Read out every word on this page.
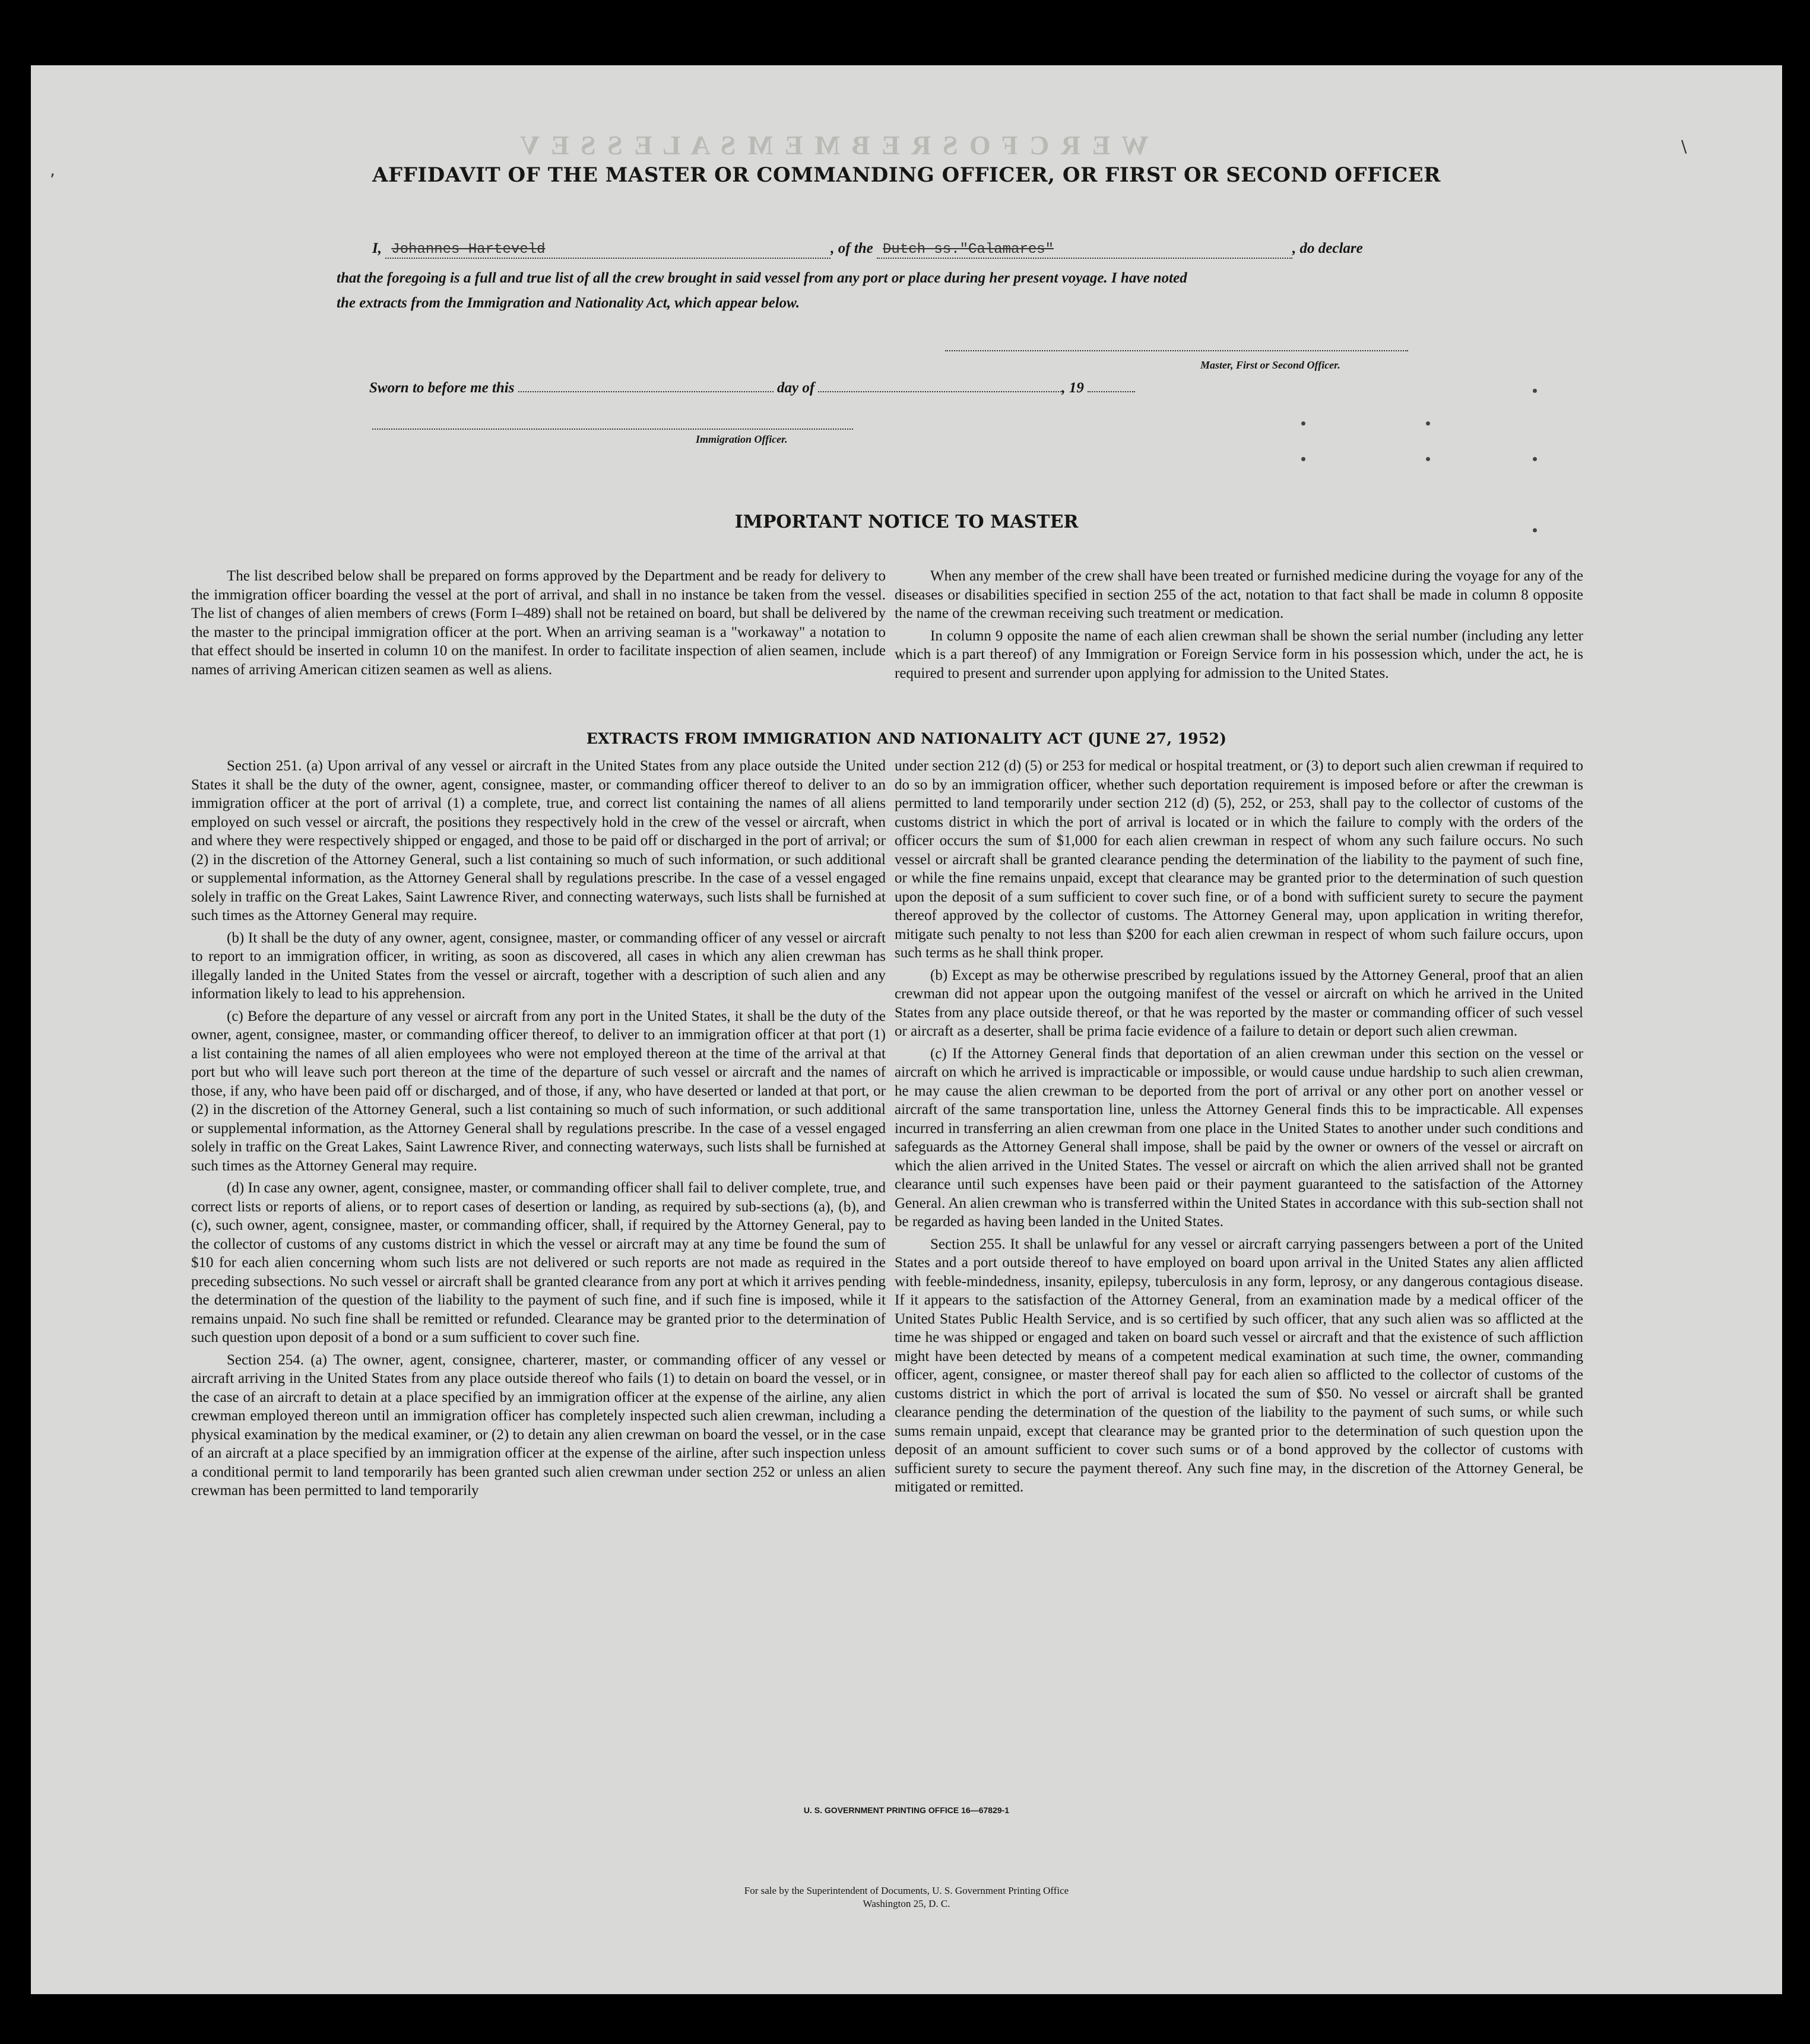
W E R C F O S R E B M E M S A L E S S E V
AFFIDAVIT OF THE MASTER OR COMMANDING OFFICER, OR FIRST OR SECOND OFFICER
I, Johannes Harteveld	, of the Dutch ss."Calamares"	, do declare
that the foregoing is a full and true list of all the crew brought in said vessel from any port or place during her present voyage. I have noted
the extracts from the Immigration and Nationality Act, which appear below.
Master, First or Second Officer.
Sworn to before me this	day of	, 19
Immigration Officer.
\
,
IMPORTANT NOTICE TO MASTER

The list described below shall be prepared on forms approved by the Department and be ready for delivery to the immigration officer boarding the vessel at the port of arrival, and shall in no instance be taken from the vessel. The list of changes of alien members of crews (Form I–489) shall not be retained on board, but shall be delivered by the master to the principal immigration officer at the port. When an arriving seaman is a "workaway" a notation to that effect should be inserted in column 10 on the manifest. In order to facilitate inspection of alien seamen, include names of arriving American citizen seamen as well as aliens.

When any member of the crew shall have been treated or furnished medicine during the voyage for any of the diseases or disabilities specified in section 255 of the act, notation to that fact shall be made in column 8 opposite the name of the crewman receiving such treatment or medication.

In column 9 opposite the name of each alien crewman shall be shown the serial number (including any letter which is a part thereof) of any Immigration or Foreign Service form in his possession which, under the act, he is required to present and surrender upon applying for admission to the United States.

EXTRACTS FROM IMMIGRATION AND NATIONALITY ACT (JUNE 27, 1952)

Section 251. (a) Upon arrival of any vessel or aircraft in the United States from any place outside the United States it shall be the duty of the owner, agent, consignee, master, or commanding officer thereof to deliver to an immigration officer at the port of arrival (1) a complete, true, and correct list containing the names of all aliens employed on such vessel or aircraft, the positions they respectively hold in the crew of the vessel or aircraft, when and where they were respectively shipped or engaged, and those to be paid off or discharged in the port of arrival; or (2) in the discretion of the Attorney General, such a list containing so much of such information, or such additional or supplemental information, as the Attorney General shall by regulations prescribe. In the case of a vessel engaged solely in traffic on the Great Lakes, Saint Lawrence River, and connecting waterways, such lists shall be furnished at such times as the Attorney General may require.

(b) It shall be the duty of any owner, agent, consignee, master, or commanding officer of any vessel or aircraft to report to an immigration officer, in writing, as soon as discovered, all cases in which any alien crewman has illegally landed in the United States from the vessel or aircraft, together with a description of such alien and any information likely to lead to his apprehension.

(c) Before the departure of any vessel or aircraft from any port in the United States, it shall be the duty of the owner, agent, consignee, master, or commanding officer thereof, to deliver to an immigration officer at that port (1) a list containing the names of all alien employees who were not employed thereon at the time of the arrival at that port but who will leave such port thereon at the time of the departure of such vessel or aircraft and the names of those, if any, who have been paid off or discharged, and of those, if any, who have deserted or landed at that port, or (2) in the discretion of the Attorney General, such a list containing so much of such information, or such additional or supplemental information, as the Attorney General shall by regulations prescribe. In the case of a vessel engaged solely in traffic on the Great Lakes, Saint Lawrence River, and connecting waterways, such lists shall be furnished at such times as the Attorney General may require.

(d) In case any owner, agent, consignee, master, or commanding officer shall fail to deliver complete, true, and correct lists or reports of aliens, or to report cases of desertion or landing, as required by sub-sections (a), (b), and (c), such owner, agent, consignee, master, or commanding officer, shall, if required by the Attorney General, pay to the collector of customs of any customs district in which the vessel or aircraft may at any time be found the sum of $10 for each alien concerning whom such lists are not delivered or such reports are not made as required in the preceding subsections. No such vessel or aircraft shall be granted clearance from any port at which it arrives pending the determination of the question of the liability to the payment of such fine, and if such fine is imposed, while it remains unpaid. No such fine shall be remitted or refunded. Clearance may be granted prior to the determination of such question upon deposit of a bond or a sum sufficient to cover such fine.

Section 254. (a) The owner, agent, consignee, charterer, master, or commanding officer of any vessel or aircraft arriving in the United States from any place outside thereof who fails (1) to detain on board the vessel, or in the case of an aircraft to detain at a place specified by an immigration officer at the expense of the airline, any alien crewman employed thereon until an immigration officer has completely inspected such alien crewman, including a physical examination by the medical examiner, or (2) to detain any alien crewman on board the vessel, or in the case of an aircraft at a place specified by an immigration officer at the expense of the airline, after such inspection unless a conditional permit to land temporarily has been granted such alien crewman under section 252 or unless an alien crewman has been permitted to land temporarily

under section 212 (d) (5) or 253 for medical or hospital treatment, or (3) to deport such alien crewman if required to do so by an immigration officer, whether such deportation requirement is imposed before or after the crewman is permitted to land temporarily under section 212 (d) (5), 252, or 253, shall pay to the collector of customs of the customs district in which the port of arrival is located or in which the failure to comply with the orders of the officer occurs the sum of $1,000 for each alien crewman in respect of whom any such failure occurs. No such vessel or aircraft shall be granted clearance pending the determination of the liability to the payment of such fine, or while the fine remains unpaid, except that clearance may be granted prior to the determination of such question upon the deposit of a sum sufficient to cover such fine, or of a bond with sufficient surety to secure the payment thereof approved by the collector of customs. The Attorney General may, upon application in writing therefor, mitigate such penalty to not less than $200 for each alien crewman in respect of whom such failure occurs, upon such terms as he shall think proper.

(b) Except as may be otherwise prescribed by regulations issued by the Attorney General, proof that an alien crewman did not appear upon the outgoing manifest of the vessel or aircraft on which he arrived in the United States from any place outside thereof, or that he was reported by the master or commanding officer of such vessel or aircraft as a deserter, shall be prima facie evidence of a failure to detain or deport such alien crewman.

(c) If the Attorney General finds that deportation of an alien crewman under this section on the vessel or aircraft on which he arrived is impracticable or impossible, or would cause undue hardship to such alien crewman, he may cause the alien crewman to be deported from the port of arrival or any other port on another vessel or aircraft of the same transportation line, unless the Attorney General finds this to be impracticable. All expenses incurred in transferring an alien crewman from one place in the United States to another under such conditions and safeguards as the Attorney General shall impose, shall be paid by the owner or owners of the vessel or aircraft on which the alien arrived in the United States. The vessel or aircraft on which the alien arrived shall not be granted clearance until such expenses have been paid or their payment guaranteed to the satisfaction of the Attorney General. An alien crewman who is transferred within the United States in accordance with this sub-section shall not be regarded as having been landed in the United States.

Section 255. It shall be unlawful for any vessel or aircraft carrying passengers between a port of the United States and a port outside thereof to have employed on board upon arrival in the United States any alien afflicted with feeble-mindedness, insanity, epilepsy, tuberculosis in any form, leprosy, or any dangerous contagious disease. If it appears to the satisfaction of the Attorney General, from an examination made by a medical officer of the United States Public Health Service, and is so certified by such officer, that any such alien was so afflicted at the time he was shipped or engaged and taken on board such vessel or aircraft and that the existence of such affliction might have been detected by means of a competent medical examination at such time, the owner, commanding officer, agent, consignee, or master thereof shall pay for each alien so afflicted to the collector of customs of the customs district in which the port of arrival is located the sum of $50. No vessel or aircraft shall be granted clearance pending the determination of the question of the liability to the payment of such sums, or while such sums remain unpaid, except that clearance may be granted prior to the determination of such question upon the deposit of an amount sufficient to cover such sums or of a bond approved by the collector of customs with sufficient surety to secure the payment thereof. Any such fine may, in the discretion of the Attorney General, be mitigated or remitted.

U. S. GOVERNMENT PRINTING OFFICE 16—67829-1
For sale by the Superintendent of Documents, U. S. Government Printing Office
Washington 25, D. C.
